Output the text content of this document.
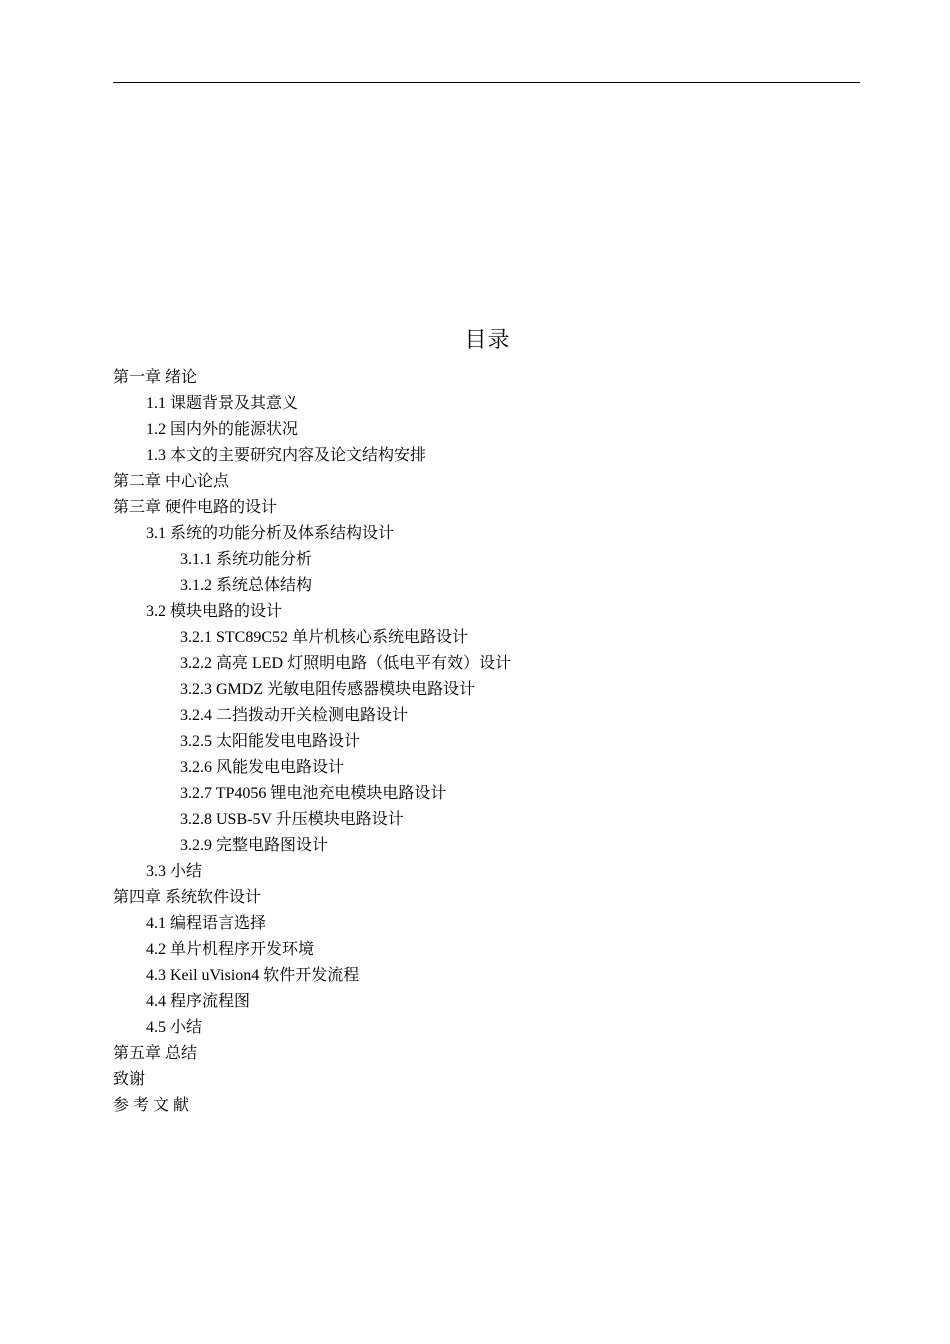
目录
第一章 绪论
1.1 课题背景及其意义
1.2 国内外的能源状况
1.3 本文的主要研究内容及论文结构安排
第二章 中心论点
第三章 硬件电路的设计
3.1 系统的功能分析及体系结构设计
3.1.1 系统功能分析
3.1.2 系统总体结构
3.2 模块电路的设计
3.2.1 STC89C52 单片机核心系统电路设计
3.2.2 高亮 LED 灯照明电路（低电平有效）设计
3.2.3 GMDZ 光敏电阻传感器模块电路设计
3.2.4 二挡拨动开关检测电路设计
3.2.5 太阳能发电电路设计
3.2.6 风能发电电路设计
3.2.7 TP4056 锂电池充电模块电路设计
3.2.8 USB-5V 升压模块电路设计
3.2.9 完整电路图设计
3.3 小结
第四章 系统软件设计
4.1 编程语言选择
4.2 单片机程序开发环境
4.3 Keil uVision4 软件开发流程
4.4 程序流程图
4.5 小结
第五章 总结
致谢
参考文献
